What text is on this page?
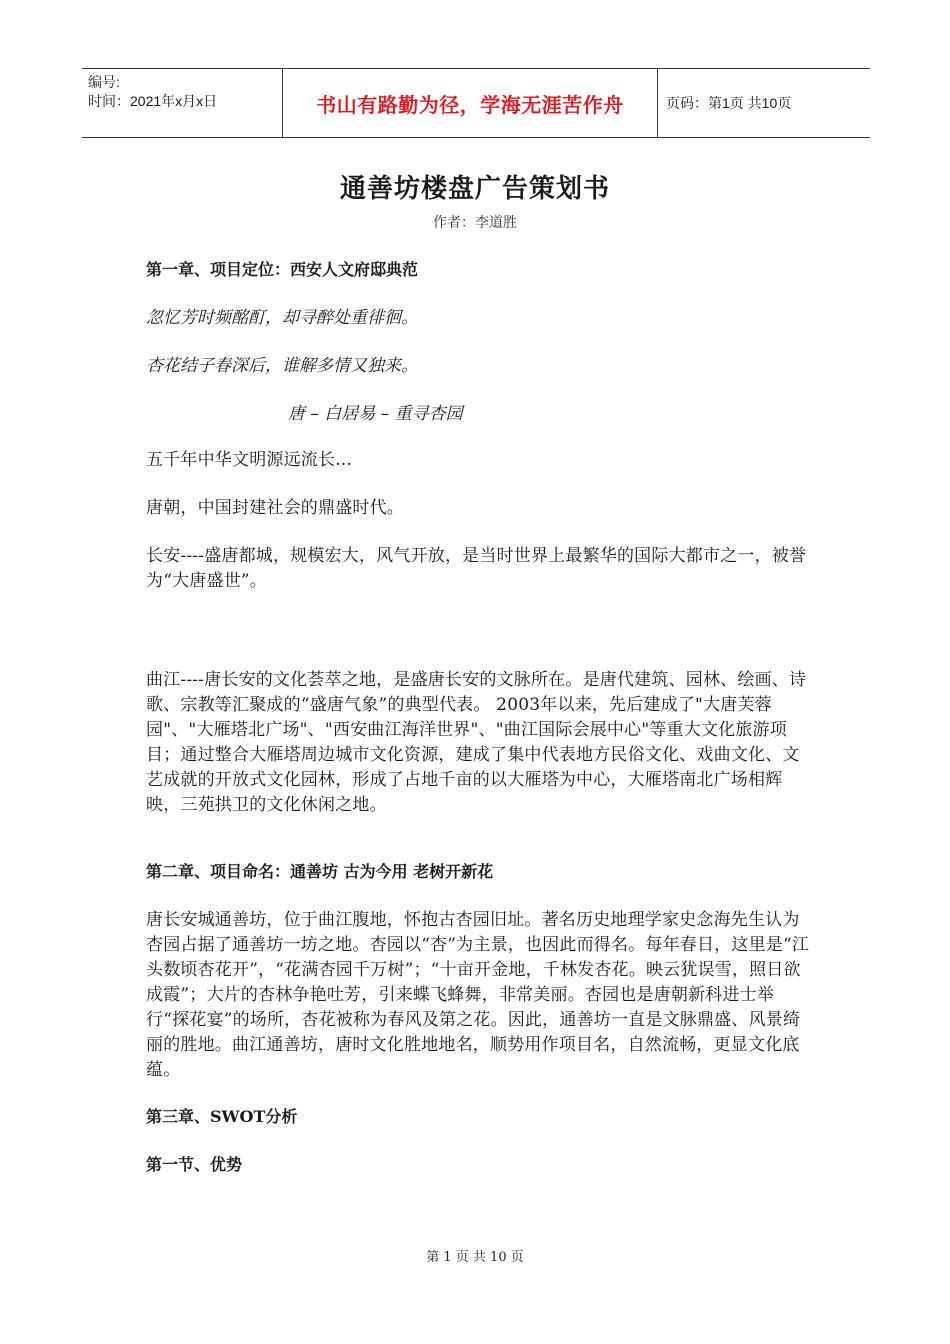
编号:
时间：2021年x月x日	书山有路勤为径，学海无涯苦作舟	页码：第1页 共10页
通善坊楼盘广告策划书
作者：李道胜

第一章、项目定位：西安人文府邸典范

忽忆芳时频酩酊，却寻醉处重徘徊。

杏花结子春深后，谁解多情又独来。

唐 – 白居易 – 重寻杏园

五千年中华文明源远流长...

唐朝，中国封建社会的鼎盛时代。

长安----盛唐都城，规模宏大，风气开放，是当时世界上最繁华的国际大都市之一，被誉为“大唐盛世”。

曲江----唐长安的文化荟萃之地，是盛唐长安的文脉所在。是唐代建筑、园林、绘画、诗歌、宗教等汇聚成的“盛唐气象”的典型代表。 2003年以来，先后建成了"大唐芙蓉园"、"大雁塔北广场"、"西安曲江海洋世界"、"曲江国际会展中心"等重大文化旅游项目；通过整合大雁塔周边城市文化资源，建成了集中代表地方民俗文化、戏曲文化、文艺成就的开放式文化园林，形成了占地千亩的以大雁塔为中心，大雁塔南北广场相辉映，三苑拱卫的文化休闲之地。

第二章、项目命名：通善坊 古为今用 老树开新花

唐长安城通善坊，位于曲江腹地，怀抱古杏园旧址。著名历史地理学家史念海先生认为杏园占据了通善坊一坊之地。杏园以“杏”为主景，也因此而得名。每年春日，这里是“江头数顷杏花开”，“花满杏园千万树”；“十亩开金地，千林发杏花。映云犹误雪，照日欲成霞”；大片的杏林争艳吐芳，引来蝶飞蜂舞，非常美丽。杏园也是唐朝新科进士举行“探花宴”的场所，杏花被称为春风及第之花。因此，通善坊一直是文脉鼎盛、风景绮丽的胜地。曲江通善坊，唐时文化胜地地名，顺势用作项目名，自然流畅，更显文化底蕴。

第三章、SWOT分析

第一节、优势

第 1 页 共 10 页
